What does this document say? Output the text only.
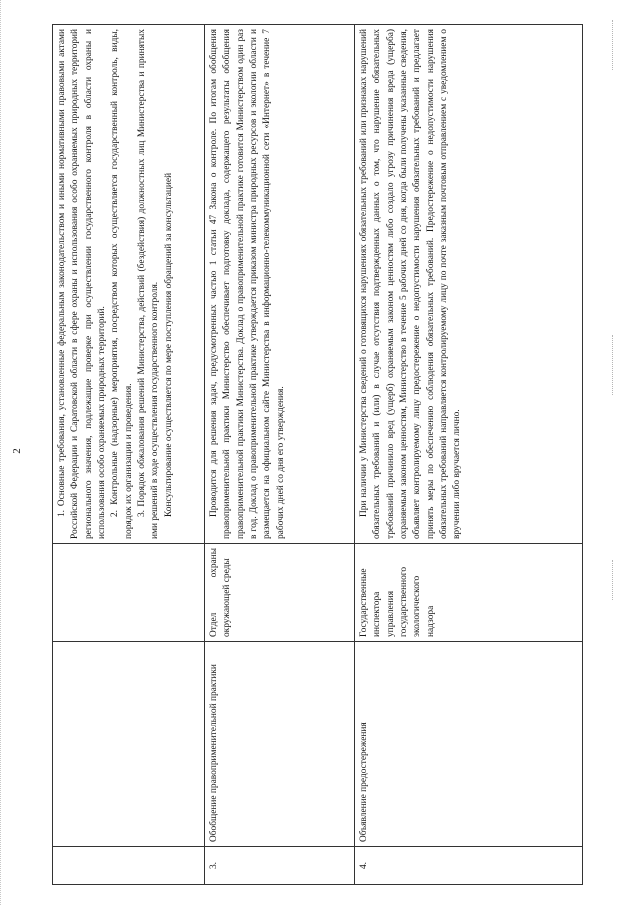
2

			1. Основные требования, установленные федеральным законодательством и иными нормативными правовыми актами Российской Федерации и Саратовской области в сфере охраны и использования особо охраняемых природных территорий регионального значения, подлежащие проверке при осуществлении государственного контроля в области охраны и использования особо охраняемых природных территорий. 2. Контрольные (надзорные) мероприятия, посредством которых осуществляется государственный контроль, виды, порядок их организации и проведения. 3. Порядок обжалования решений Министерства, действий (бездействия) должностных лиц Министерства и принятых ими решений в ходе осуществления государственного контроля. Консультирование осуществляется по мере поступления обращений за консультацией

3.	Обобщение правоприменительной практики	Отдел охраны окружающей среды	Проводится для решения задач, предусмотренных частью 1 статьи 47 Закона о контроле. По итогам обобщения правоприменительной практики Министерство обеспечивает подготовку доклада, содержащего результаты обобщения правоприменительной практики Министерства. Доклад о правоприменительной практике готовится Министерством один раз в год. Доклад о правоприменительной практике утверждается приказом министра природных ресурсов и экологии области и размещается на официальном сайте Министерства в информационно-телекоммуникационной сети «Интернет» в течение 7 рабочих дней со дня его утверждения.

4.	Объявление предостережения	Государственные инспектора управления государственного экологического надзора	При наличии у Министерства сведений о готовящихся нарушениях обязательных требований или признаках нарушений обязательных требований и (или) в случае отсутствия подтвержденных данных о том, что нарушение обязательных требований причинило вред (ущерб) охраняемым законом ценностям либо создало угрозу причинения вреда (ущерба) охраняемым законом ценностям, Министерство в течение 5 рабочих дней со дня, когда были получены указанные сведения, объявляет контролируемому лицу предостережение о недопустимости нарушения обязательных требований и предлагает принять меры по обеспечению соблюдения обязательных требований. Предостережение о недопустимости нарушения обязательных требований направляется контролируемому лицу по почте заказным почтовым отправлением с уведомлением о вручении либо вручается лично.
